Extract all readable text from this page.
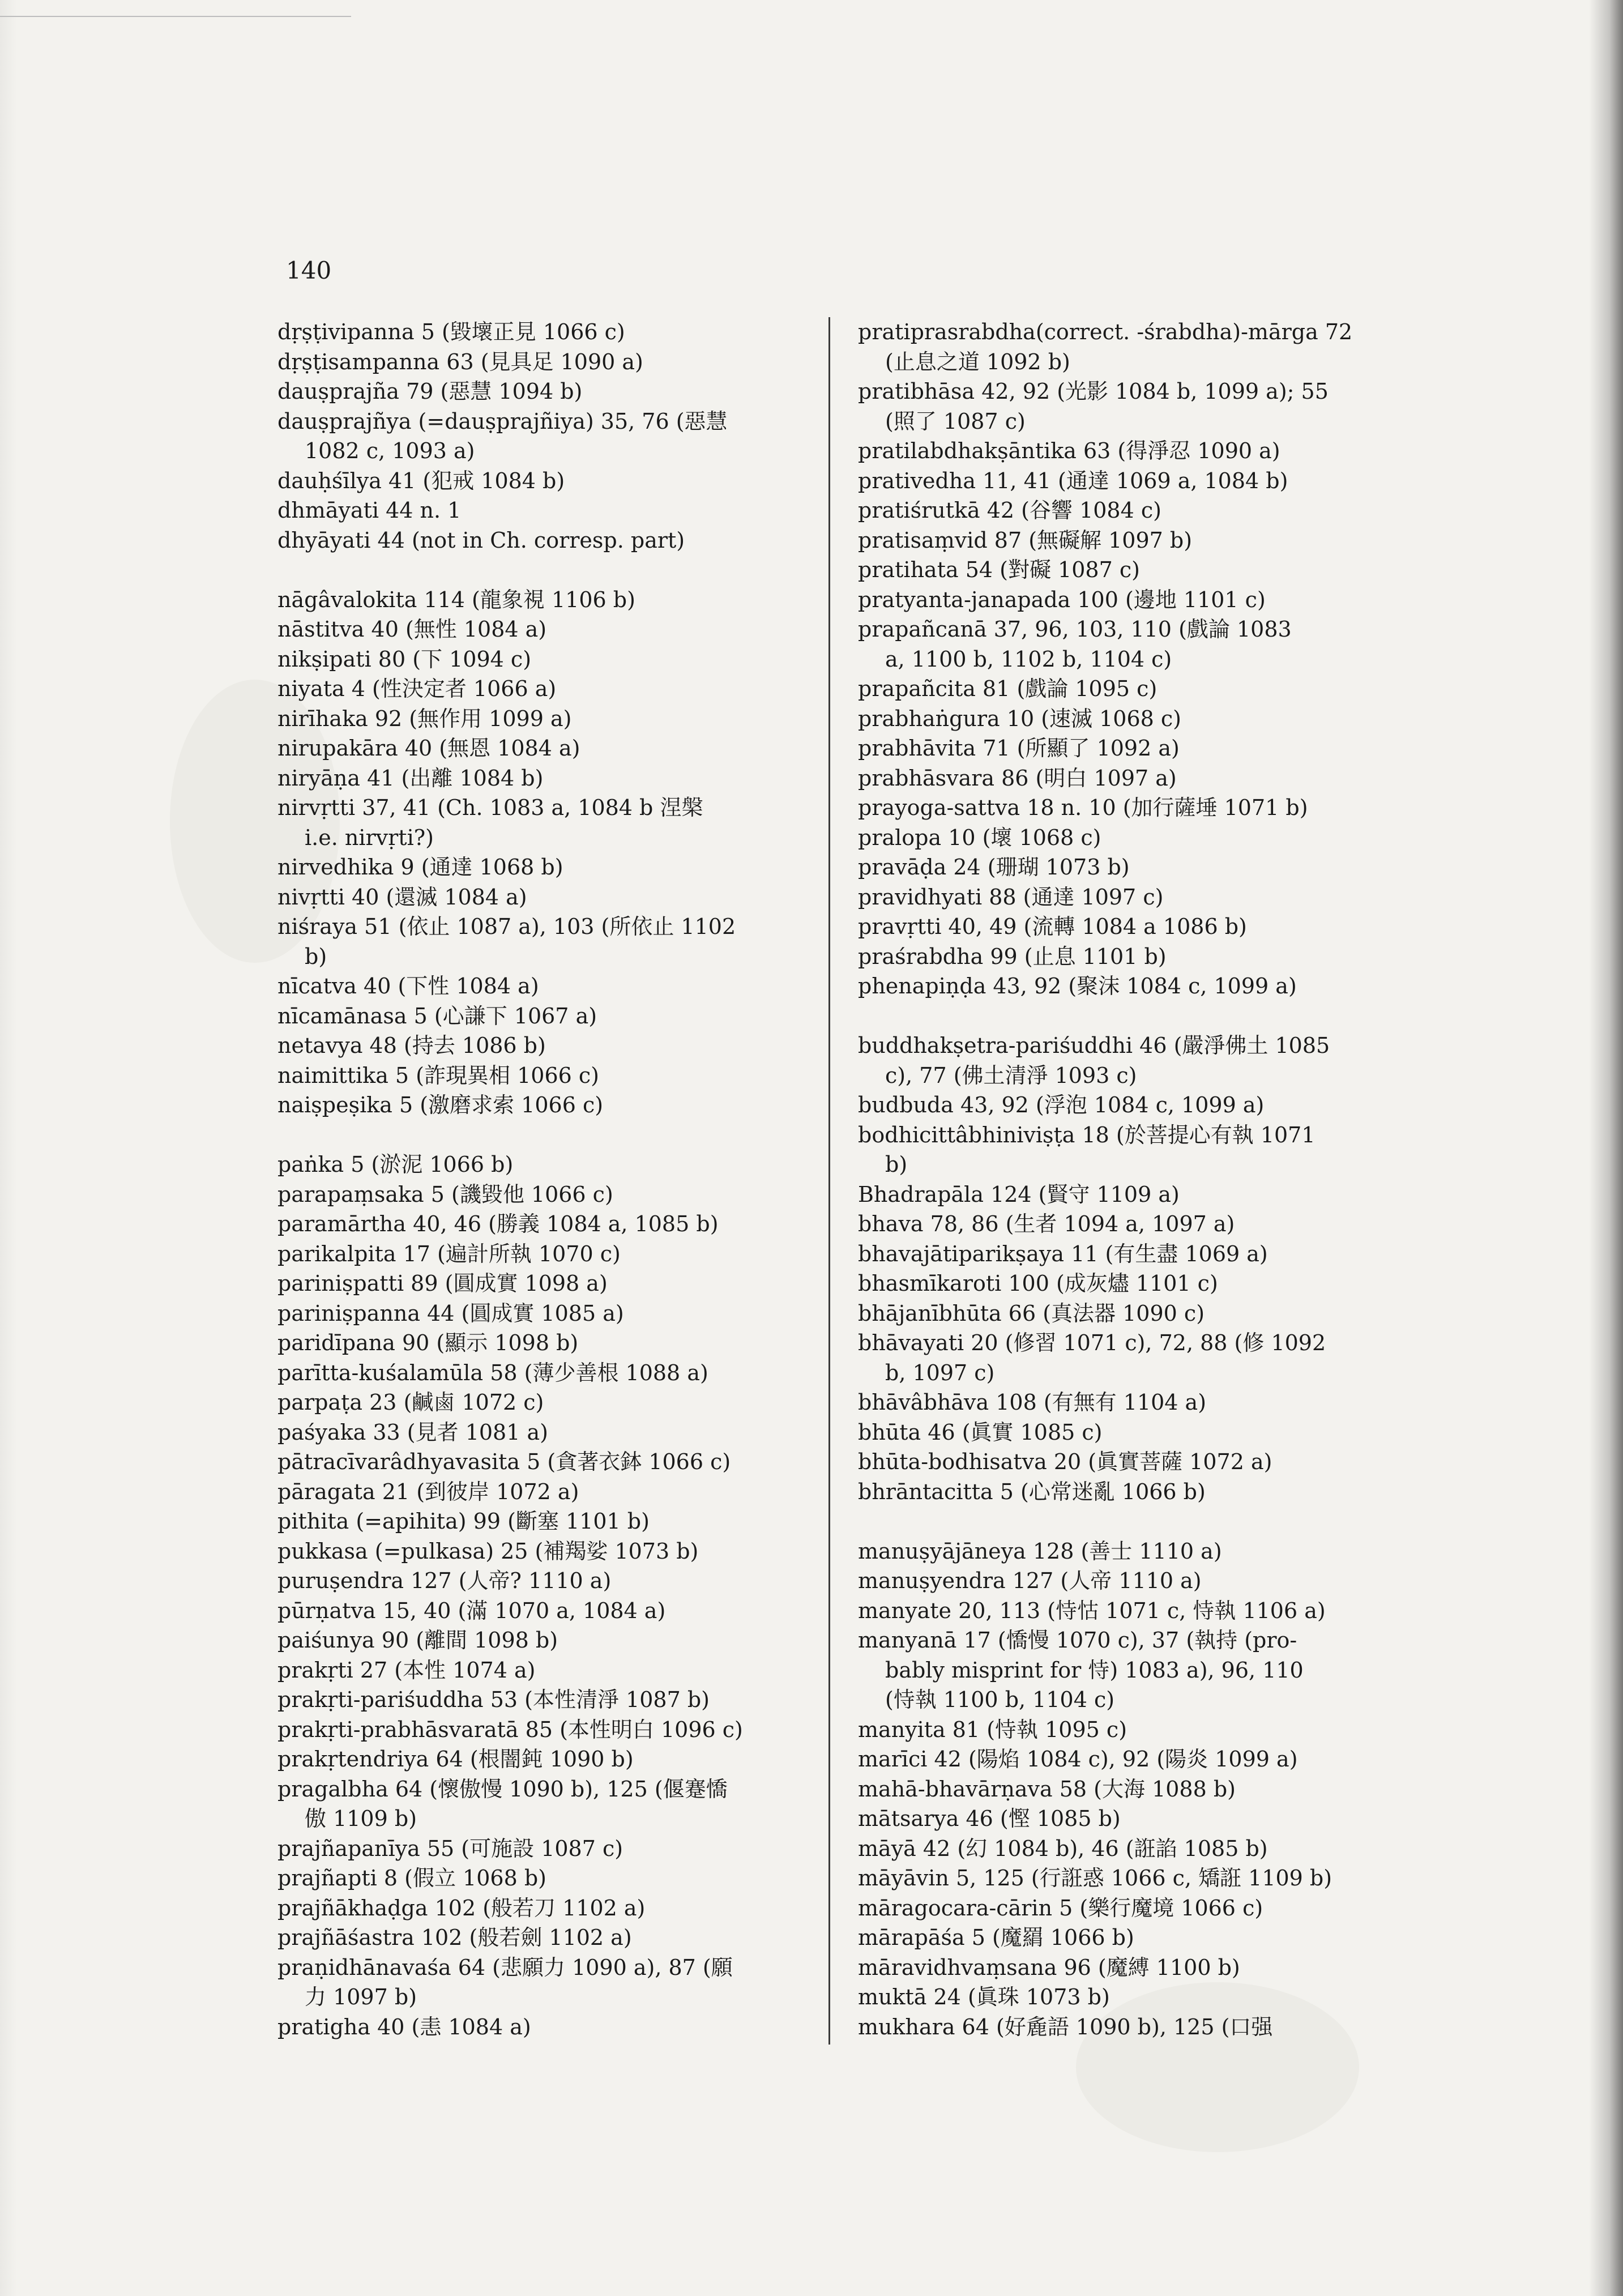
140
dṛṣṭivipanna 5 (毀壞正見 1066 c)
dṛṣṭisampanna 63 (見具足 1090 a)
dauṣprajña 79 (惡慧 1094 b)
dauṣprajñya (=dauṣprajñiya) 35, 76 (惡慧
1082 c, 1093 a)
dauḥśīlya 41 (犯戒 1084 b)
dhmāyati 44 n. 1
dhyāyati 44 (not in Ch. corresp. part)
nāgâvalokita 114 (龍象視 1106 b)
nāstitva 40 (無性 1084 a)
nikṣipati 80 (下 1094 c)
niyata 4 (性決定者 1066 a)
nirīhaka 92 (無作用 1099 a)
nirupakāra 40 (無恩 1084 a)
niryāṇa 41 (出離 1084 b)
nirvṛtti 37, 41 (Ch. 1083 a, 1084 b 涅槃
i.e. nirvṛti?)
nirvedhika 9 (通達 1068 b)
nivṛtti 40 (還滅 1084 a)
niśraya 51 (依止 1087 a), 103 (所依止 1102
b)
nīcatva 40 (下性 1084 a)
nīcamānasa 5 (心謙下 1067 a)
netavya 48 (持去 1086 b)
naimittika 5 (詐現異相 1066 c)
naiṣpeṣika 5 (激磨求索 1066 c)
paṅka 5 (淤泥 1066 b)
parapaṃsaka 5 (譏毀他 1066 c)
paramārtha 40, 46 (勝義 1084 a, 1085 b)
parikalpita 17 (遍計所執 1070 c)
pariniṣpatti 89 (圓成實 1098 a)
pariniṣpanna 44 (圓成實 1085 a)
paridīpana 90 (顯示 1098 b)
parītta-kuśalamūla 58 (薄少善根 1088 a)
parpaṭa 23 (鹹鹵 1072 c)
paśyaka 33 (見者 1081 a)
pātracīvarâdhyavasita 5 (貪著衣鉢 1066 c)
pāragata 21 (到彼岸 1072 a)
pithita (=apihita) 99 (斷塞 1101 b)
pukkasa (=pulkasa) 25 (補羯娑 1073 b)
puruṣendra 127 (人帝? 1110 a)
pūrṇatva 15, 40 (滿 1070 a, 1084 a)
paiśunya 90 (離間 1098 b)
prakṛti 27 (本性 1074 a)
prakṛti-pariśuddha 53 (本性清淨 1087 b)
prakṛti-prabhāsvaratā 85 (本性明白 1096 c)
prakṛtendriya 64 (根闇鈍 1090 b)
pragalbha 64 (懷傲慢 1090 b), 125 (偃蹇憍
傲 1109 b)
prajñapanīya 55 (可施設 1087 c)
prajñapti 8 (假立 1068 b)
prajñākhaḍga 102 (般若刀 1102 a)
prajñāśastra 102 (般若劍 1102 a)
praṇidhānavaśa 64 (悲願力 1090 a), 87 (願
力 1097 b)
pratigha 40 (恚 1084 a)
pratiprasrabdha(correct. -śrabdha)-mārga 72
(止息之道 1092 b)
pratibhāsa 42, 92 (光影 1084 b, 1099 a); 55
(照了 1087 c)
pratilabdhakṣāntika 63 (得淨忍 1090 a)
prativedha 11, 41 (通達 1069 a, 1084 b)
pratiśrutkā 42 (谷響 1084 c)
pratisaṃvid 87 (無礙解 1097 b)
pratihata 54 (對礙 1087 c)
pratyanta-janapada 100 (邊地 1101 c)
prapañcanā 37, 96, 103, 110 (戲論 1083
a, 1100 b, 1102 b, 1104 c)
prapañcita 81 (戲論 1095 c)
prabhaṅgura 10 (速滅 1068 c)
prabhāvita 71 (所顯了 1092 a)
prabhāsvara 86 (明白 1097 a)
prayoga-sattva 18 n. 10 (加行薩埵 1071 b)
pralopa 10 (壞 1068 c)
pravāḍa 24 (珊瑚 1073 b)
pravidhyati 88 (通達 1097 c)
pravṛtti 40, 49 (流轉 1084 a 1086 b)
praśrabdha 99 (止息 1101 b)
phenapiṇḍa 43, 92 (聚沫 1084 c, 1099 a)
buddhakṣetra-pariśuddhi 46 (嚴淨佛土 1085
c), 77 (佛土清淨 1093 c)
budbuda 43, 92 (浮泡 1084 c, 1099 a)
bodhicittâbhiniviṣṭa 18 (於菩提心有執 1071
b)
Bhadrapāla 124 (賢守 1109 a)
bhava 78, 86 (生者 1094 a, 1097 a)
bhavajātiparikṣaya 11 (有生盡 1069 a)
bhasmīkaroti 100 (成灰燼 1101 c)
bhājanībhūta 66 (真法器 1090 c)
bhāvayati 20 (修習 1071 c), 72, 88 (修 1092
b, 1097 c)
bhāvâbhāva 108 (有無有 1104 a)
bhūta 46 (眞實 1085 c)
bhūta-bodhisatva 20 (眞實菩薩 1072 a)
bhrāntacitta 5 (心常迷亂 1066 b)
manuṣyājāneya 128 (善士 1110 a)
manuṣyendra 127 (人帝 1110 a)
manyate 20, 113 (恃怙 1071 c, 恃執 1106 a)
manyanā 17 (憍慢 1070 c), 37 (執持 (pro-
bably misprint for 恃) 1083 a), 96, 110
(恃執 1100 b, 1104 c)
manyita 81 (恃執 1095 c)
marīci 42 (陽焰 1084 c), 92 (陽炎 1099 a)
mahā-bhavārṇava 58 (大海 1088 b)
mātsarya 46 (慳 1085 b)
māyā 42 (幻 1084 b), 46 (誑諂 1085 b)
māyāvin 5, 125 (行誑惑 1066 c, 矯誑 1109 b)
māragocara-cārin 5 (樂行魔境 1066 c)
mārapāśa 5 (魔羂 1066 b)
māravidhvaṃsana 96 (魔縛 1100 b)
muktā 24 (眞珠 1073 b)
mukhara 64 (好麁語 1090 b), 125 (口强
